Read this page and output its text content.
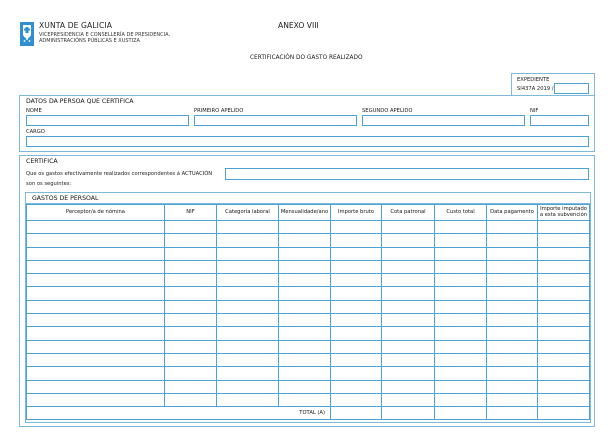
XUNTA DE GALICIA
VICEPRESIDENCIA E CONSELLERÍA DE PRESIDENCIA,
ADMINISTRACIÓNS PÚBLICAS E XUSTIZA
ANEXO VIII
CERTIFICACIÓN DO GASTO REALIZADO
EXPEDIENTE
SI437A 2019 /
DATOS DA PERSOA QUE CERTIFICA
NOME	PRIMEIRO APELIDO	SEGUNDO APELIDO	NIF
CARGO
CERTIFICA
Que os gastos efectivamente realizados correspondentes á ACTUACIÓN
son os seguintes:
GASTOS DE PERSOAL
Perceptor/a de nómina	NIF	Categoría laboral	Mensualidade/ano	Importe bruto	Cota patronal	Custo total	Data pagamento	Importe imputado a esta subvención

TOTAL (A)								
